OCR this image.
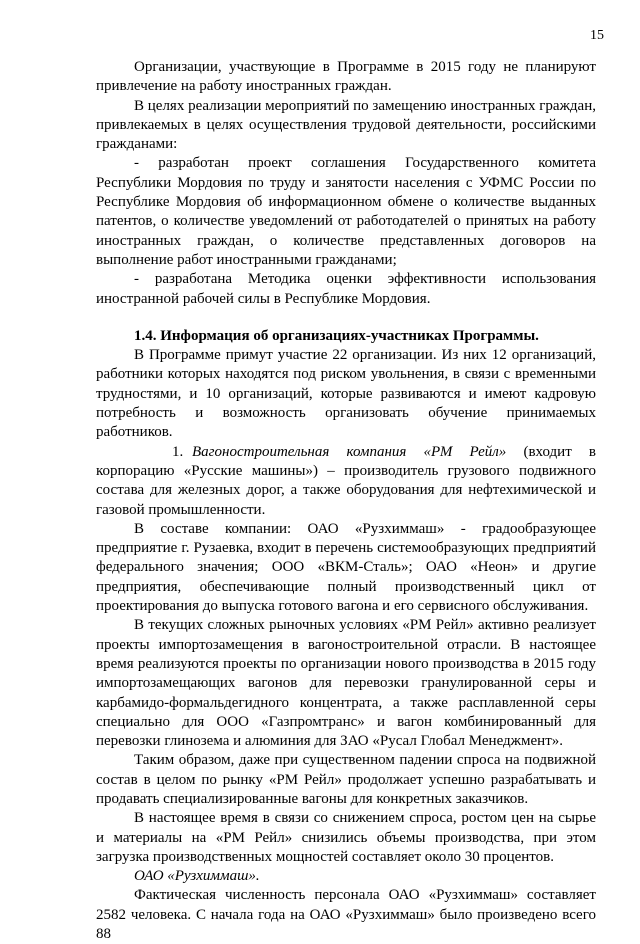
15

Организации, участвующие в Программе в 2015 году не планируют привлечение на работу иностранных граждан.

В целях реализации мероприятий по замещению иностранных граждан, привлекаемых в целях осуществления трудовой деятельности, российскими гражданами:

- разработан проект соглашения Государственного комитета Республики Мордовия по труду и занятости населения с УФМС России по Республике Мордовия об информационном обмене о количестве выданных патентов, о количестве уведомлений от работодателей о принятых на работу иностранных граждан, о количестве представленных договоров на выполнение работ иностранными гражданами;

- разработана Методика оценки эффективности использования иностранной рабочей силы в Республике Мордовия.

1.4. Информация об организациях-участниках Программы.

В Программе примут участие 22 организации. Из них 12 организаций, работники которых находятся под риском увольнения, в связи с временными трудностями, и 10 организаций, которые развиваются и имеют кадровую потребность и возможность организовать обучение принимаемых работников.

1. Вагоностроительная компания «РМ Рейл» (входит в корпорацию «Русские машины») – производитель грузового подвижного состава для железных дорог, а также оборудования для нефтехимической и газовой промышленности.

В составе компании: ОАО «Рузхиммаш» - градообразующее предприятие г. Рузаевка, входит в перечень системообразующих предприятий федерального значения; ООО «ВКМ-Сталь»; ОАО «Неон» и другие предприятия, обеспечивающие полный производственный цикл от проектирования до выпуска готового вагона и его сервисного обслуживания.

В текущих сложных рыночных условиях «РМ Рейл» активно реализует проекты импортозамещения в вагоностроительной отрасли. В настоящее время реализуются проекты по организации нового производства в 2015 году импортозамещающих вагонов для перевозки гранулированной серы и карбамидо-формальдегидного концентрата, а также расплавленной серы специально для ООО «Газпромтранс» и вагон комбинированный для перевозки глинозема и алюминия для ЗАО «Русал Глобал Менеджмент».

Таким образом, даже при существенном падении спроса на подвижной состав в целом по рынку «РМ Рейл» продолжает успешно разрабатывать и продавать специализированные вагоны для конкретных заказчиков.

В настоящее время в связи со снижением спроса, ростом цен на сырье и материалы на «РМ Рейл» снизились объемы производства, при этом загрузка производственных мощностей составляет около 30 процентов.

ОАО «Рузхиммаш».

Фактическая численность персонала ОАО «Рузхиммаш» составляет 2582 человека. С начала года на ОАО «Рузхиммаш» было произведено всего 88
